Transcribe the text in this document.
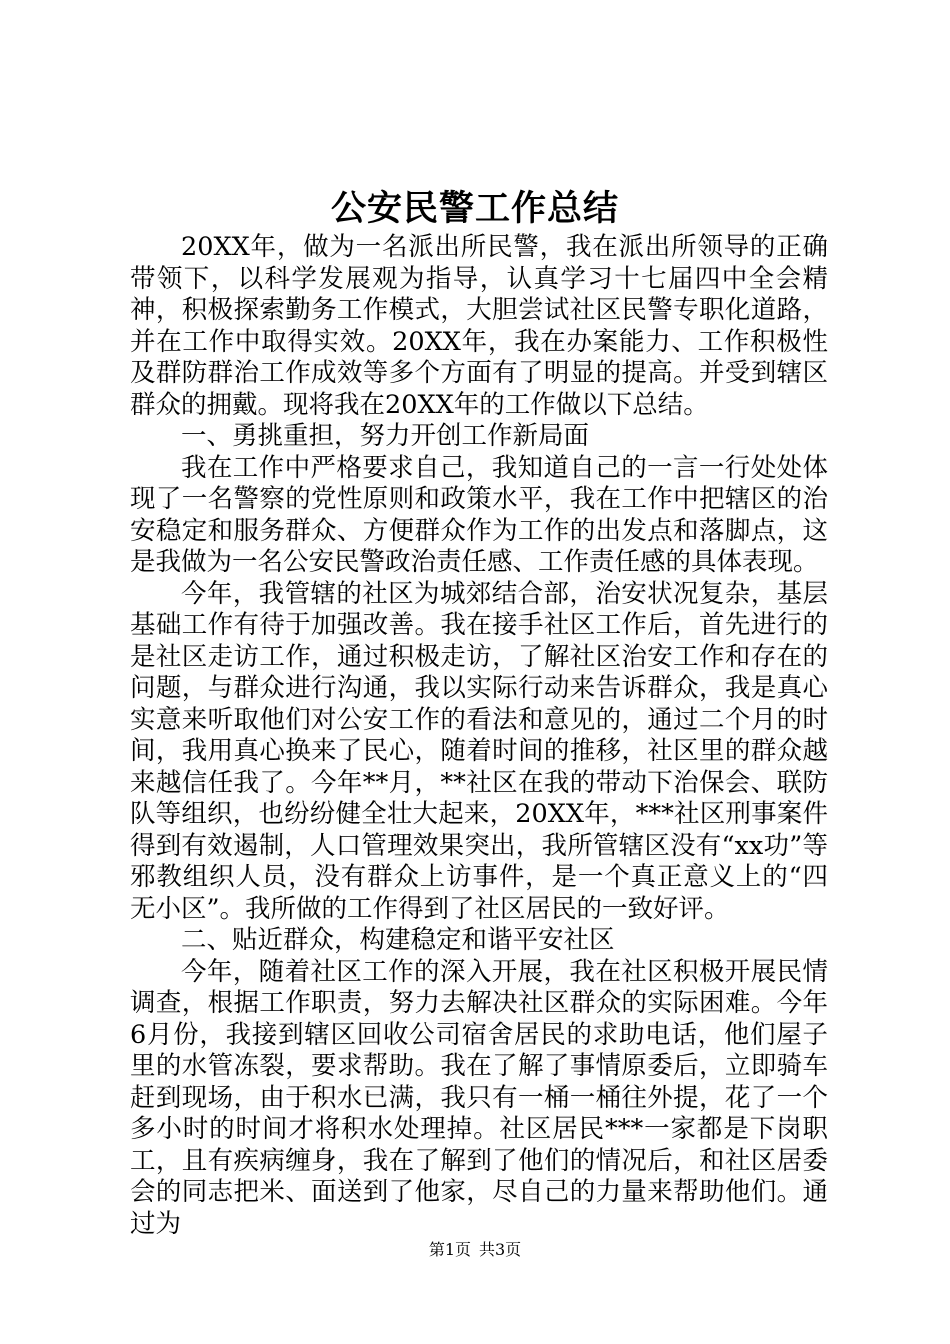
公安民警工作总结

20XX年，做为一名派出所民警，我在派出所领导的正确带领下，以科学发展观为指导，认真学习十七届四中全会精神，积极探索勤务工作模式，大胆尝试社区民警专职化道路，并在工作中取得实效。20XX年，我在办案能力、工作积极性及群防群治工作成效等多个方面有了明显的提高。并受到辖区群众的拥戴。现将我在20XX年的工作做以下总结。

一、勇挑重担，努力开创工作新局面

我在工作中严格要求自己，我知道自己的一言一行处处体现了一名警察的党性原则和政策水平，我在工作中把辖区的治安稳定和服务群众、方便群众作为工作的出发点和落脚点，这是我做为一名公安民警政治责任感、工作责任感的具体表现。

今年，我管辖的社区为城郊结合部，治安状况复杂，基层基础工作有待于加强改善。我在接手社区工作后，首先进行的是社区走访工作，通过积极走访，了解社区治安工作和存在的问题，与群众进行沟通，我以实际行动来告诉群众，我是真心实意来听取他们对公安工作的看法和意见的，通过二个月的时间，我用真心换来了民心，随着时间的推移，社区里的群众越来越信任我了。今年**月，**社区在我的带动下治保会、联防队等组织，也纷纷健全壮大起来，20XX年，***社区刑事案件得到有效遏制，人口管理效果突出，我所管辖区没有“xx功”等邪教组织人员，没有群众上访事件，是一个真正意义上的“四无小区”。我所做的工作得到了社区居民的一致好评。

二、贴近群众，构建稳定和谐平安社区

今年，随着社区工作的深入开展，我在社区积极开展民情调查，根据工作职责，努力去解决社区群众的实际困难。今年6月份，我接到辖区回收公司宿舍居民的求助电话，他们屋子里的水管冻裂，要求帮助。我在了解了事情原委后，立即骑车赶到现场，由于积水已满，我只有一桶一桶往外提，花了一个多小时的时间才将积水处理掉。社区居民***一家都是下岗职工，且有疾病缠身，我在了解到了他们的情况后，和社区居委会的同志把米、面送到了他家，尽自己的力量来帮助他们。通过为

第1页 共3页
